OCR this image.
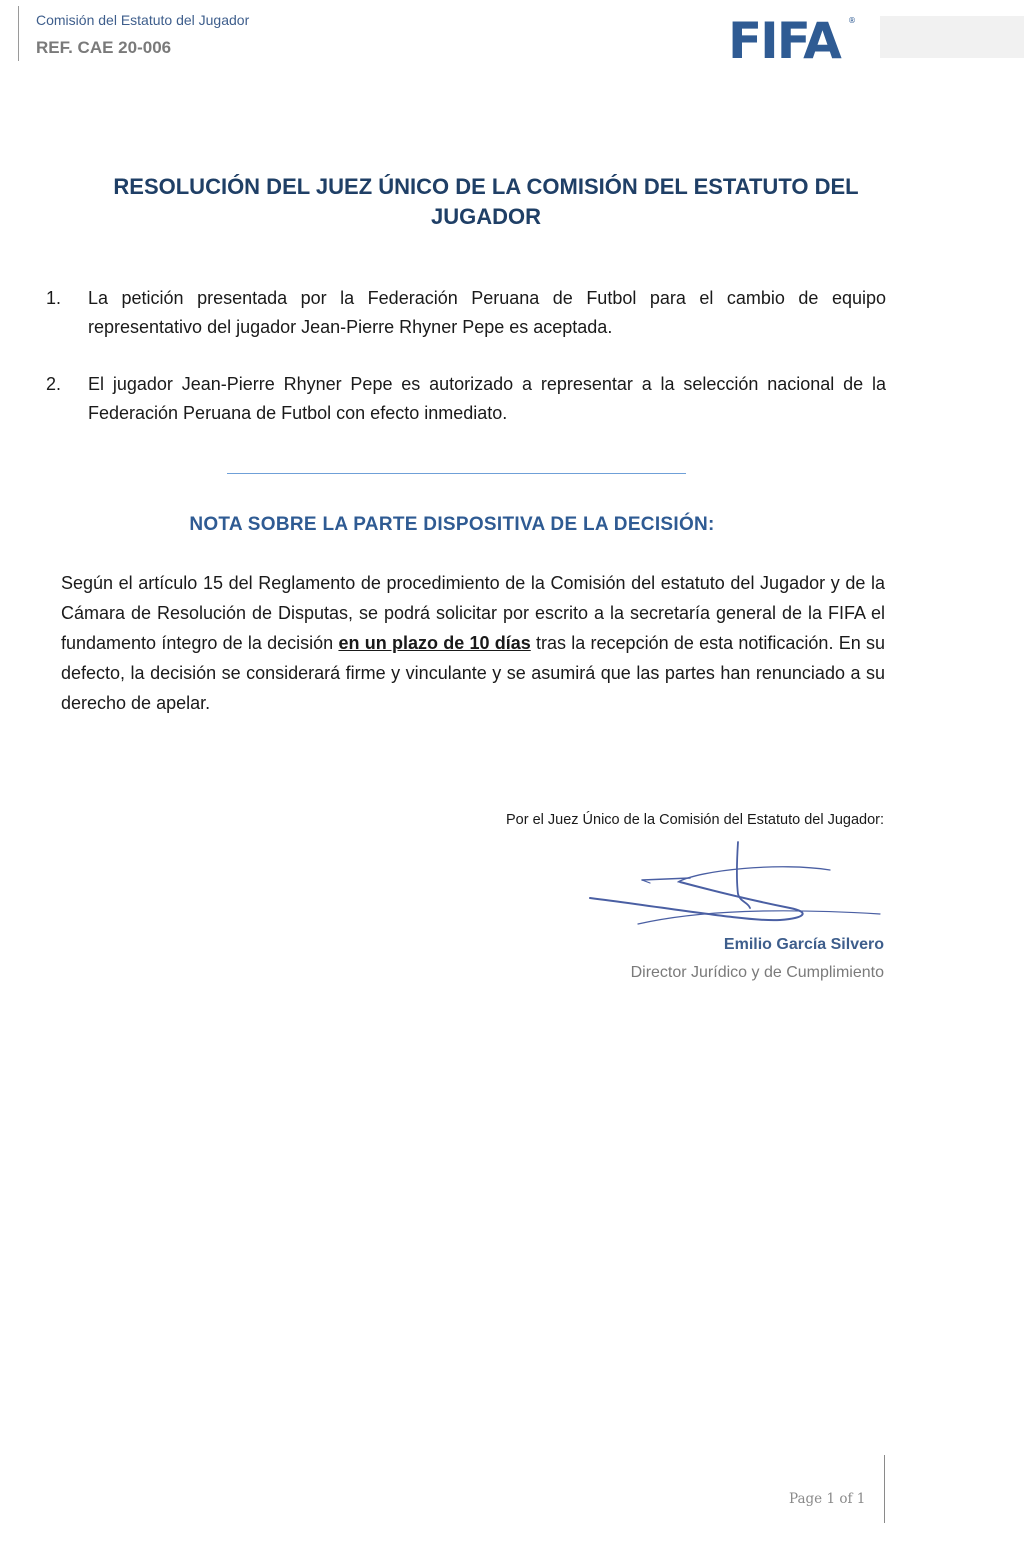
Comisión del Estatuto del Jugador
REF. CAE 20-006	FIFA ®
RESOLUCIÓN DEL JUEZ ÚNICO DE LA COMISIÓN DEL ESTATUTO DEL JUGADOR
1. La petición presentada por la Federación Peruana de Futbol para el cambio de equipo representativo del jugador Jean-Pierre Rhyner Pepe es aceptada.
2. El jugador Jean-Pierre Rhyner Pepe es autorizado a representar a la selección nacional de la Federación Peruana de Futbol con efecto inmediato.
NOTA SOBRE LA PARTE DISPOSITIVA DE LA DECISIÓN:
Según el artículo 15 del Reglamento de procedimiento de la Comisión del estatuto del Jugador y de la Cámara de Resolución de Disputas, se podrá solicitar por escrito a la secretaría general de la FIFA el fundamento íntegro de la decisión en un plazo de 10 días tras la recepción de esta notificación. En su defecto, la decisión se considerará firme y vinculante y se asumirá que las partes han renunciado a su derecho de apelar.
Por el Juez Único de la Comisión del Estatuto del Jugador:
Emilio García Silvero
Director Jurídico y de Cumplimiento
Page 1 of 1
